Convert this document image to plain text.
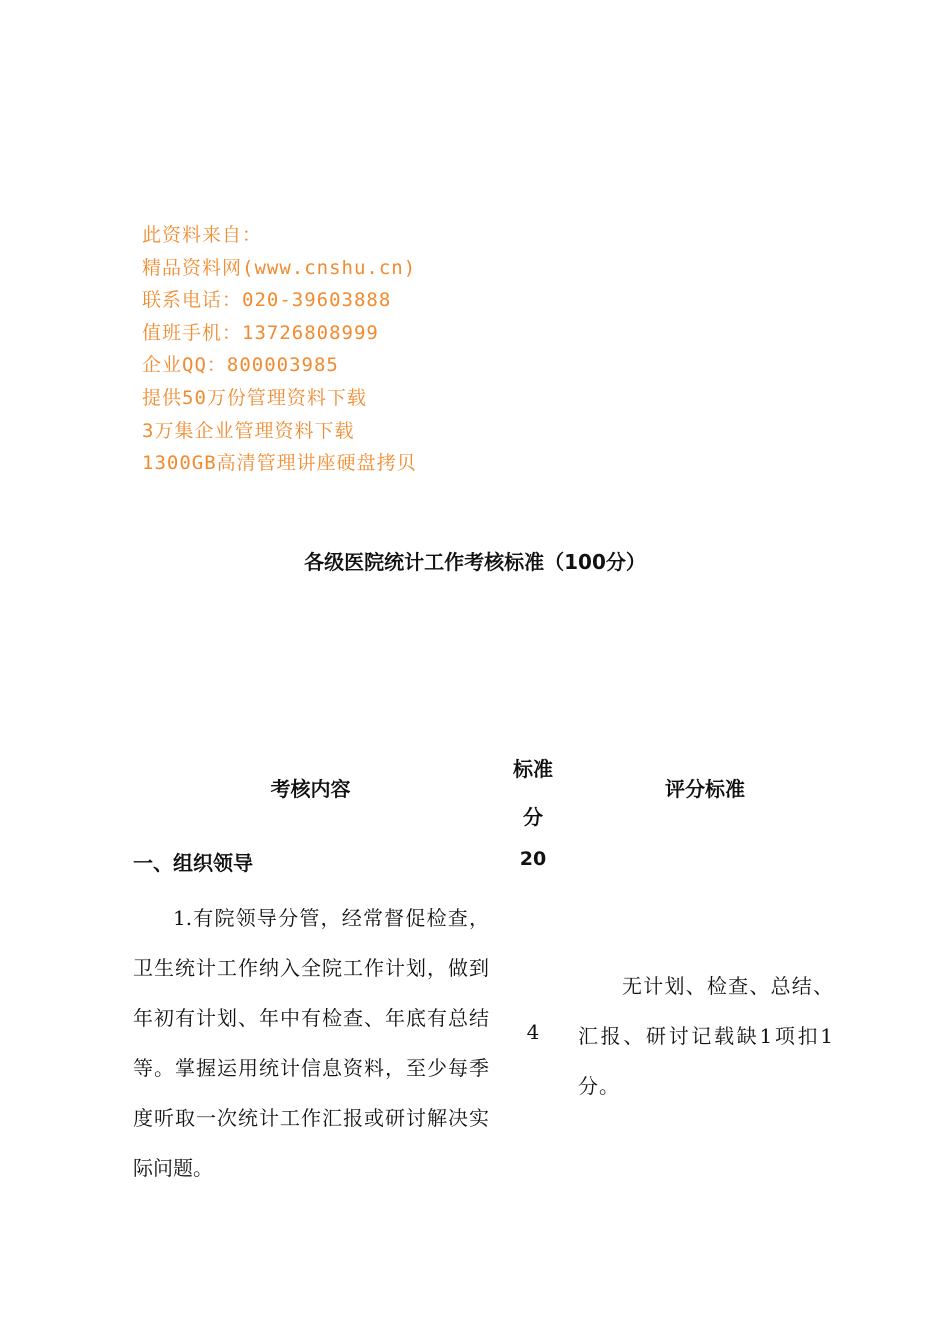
此资料来自：
精品资料网(www.cnshu.cn)
联系电话：020-39603888
值班手机：13726808999
企业QQ：800003985
提供50万份管理资料下载
3万集企业管理资料下载
1300GB高清管理讲座硬盘拷贝
各级医院统计工作考核标准（100分）
考核内容
标准
分
评分标准
一、组织领导	20
1.有院领导分管，经常督促检查，卫生统计工作纳入全院工作计划，做到年初有计划、年中有检查、年底有总结等。掌握运用统计信息资料，至少每季度听取一次统计工作汇报或研讨解决实际问题。
4
无计划、检查、总结、汇报、研讨记载缺1项扣1分。
